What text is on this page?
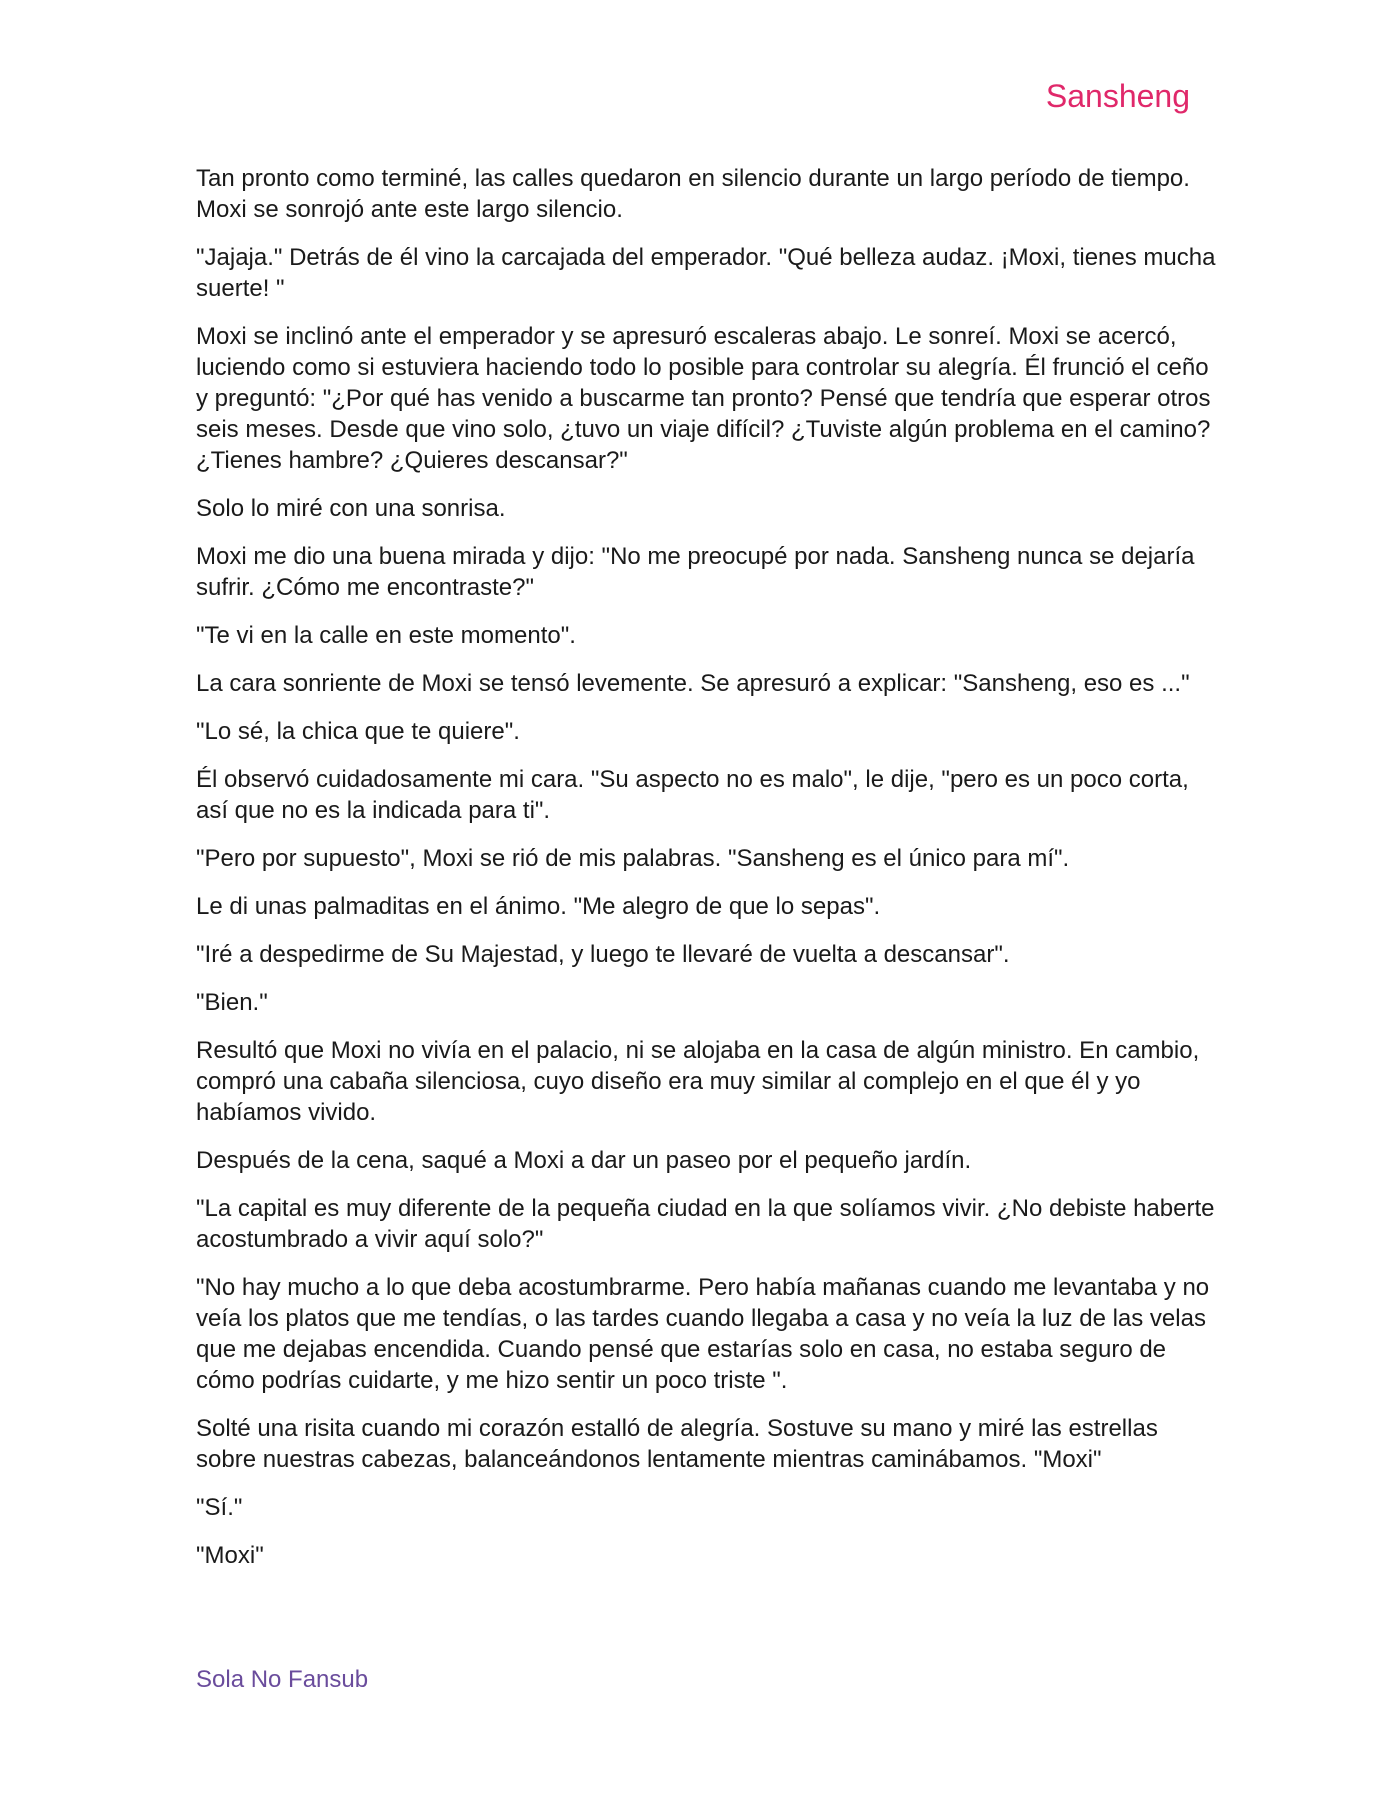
Sansheng

Tan pronto como terminé, las calles quedaron en silencio durante un largo período de tiempo. Moxi se sonrojó ante este largo silencio.

"Jajaja." Detrás de él vino la carcajada del emperador. "Qué belleza audaz. ¡Moxi, tienes mucha suerte! "

Moxi se inclinó ante el emperador y se apresuró escaleras abajo. Le sonreí. Moxi se acercó, luciendo como si estuviera haciendo todo lo posible para controlar su alegría. Él frunció el ceño y preguntó: "¿Por qué has venido a buscarme tan pronto? Pensé que tendría que esperar otros seis meses. Desde que vino solo, ¿tuvo un viaje difícil? ¿Tuviste algún problema en el camino? ¿Tienes hambre? ¿Quieres descansar?"

Solo lo miré con una sonrisa.

Moxi me dio una buena mirada y dijo: "No me preocupé por nada. Sansheng nunca se dejaría sufrir. ¿Cómo me encontraste?"

"Te vi en la calle en este momento".

La cara sonriente de Moxi se tensó levemente. Se apresuró a explicar: "Sansheng, eso es ..."

"Lo sé, la chica que te quiere".

Él observó cuidadosamente mi cara. "Su aspecto no es malo", le dije, "pero es un poco corta, así que no es la indicada para ti".

"Pero por supuesto", Moxi se rió de mis palabras. "Sansheng es el único para mí".

Le di unas palmaditas en el ánimo. "Me alegro de que lo sepas".

"Iré a despedirme de Su Majestad, y luego te llevaré de vuelta a descansar".

"Bien."

Resultó que Moxi no vivía en el palacio, ni se alojaba en la casa de algún ministro. En cambio, compró una cabaña silenciosa, cuyo diseño era muy similar al complejo en el que él y yo habíamos vivido.

Después de la cena, saqué a Moxi a dar un paseo por el pequeño jardín.

"La capital es muy diferente de la pequeña ciudad en la que solíamos vivir. ¿No debiste haberte acostumbrado a vivir aquí solo?"

"No hay mucho a lo que deba acostumbrarme. Pero había mañanas cuando me levantaba y no veía los platos que me tendías, o las tardes cuando llegaba a casa y no veía la luz de las velas que me dejabas encendida. Cuando pensé que estarías solo en casa, no estaba seguro de cómo podrías cuidarte, y me hizo sentir un poco triste ".

Solté una risita cuando mi corazón estalló de alegría. Sostuve su mano y miré las estrellas sobre nuestras cabezas, balanceándonos lentamente mientras caminábamos. "Moxi"

"Sí."

"Moxi"

Sola No Fansub
